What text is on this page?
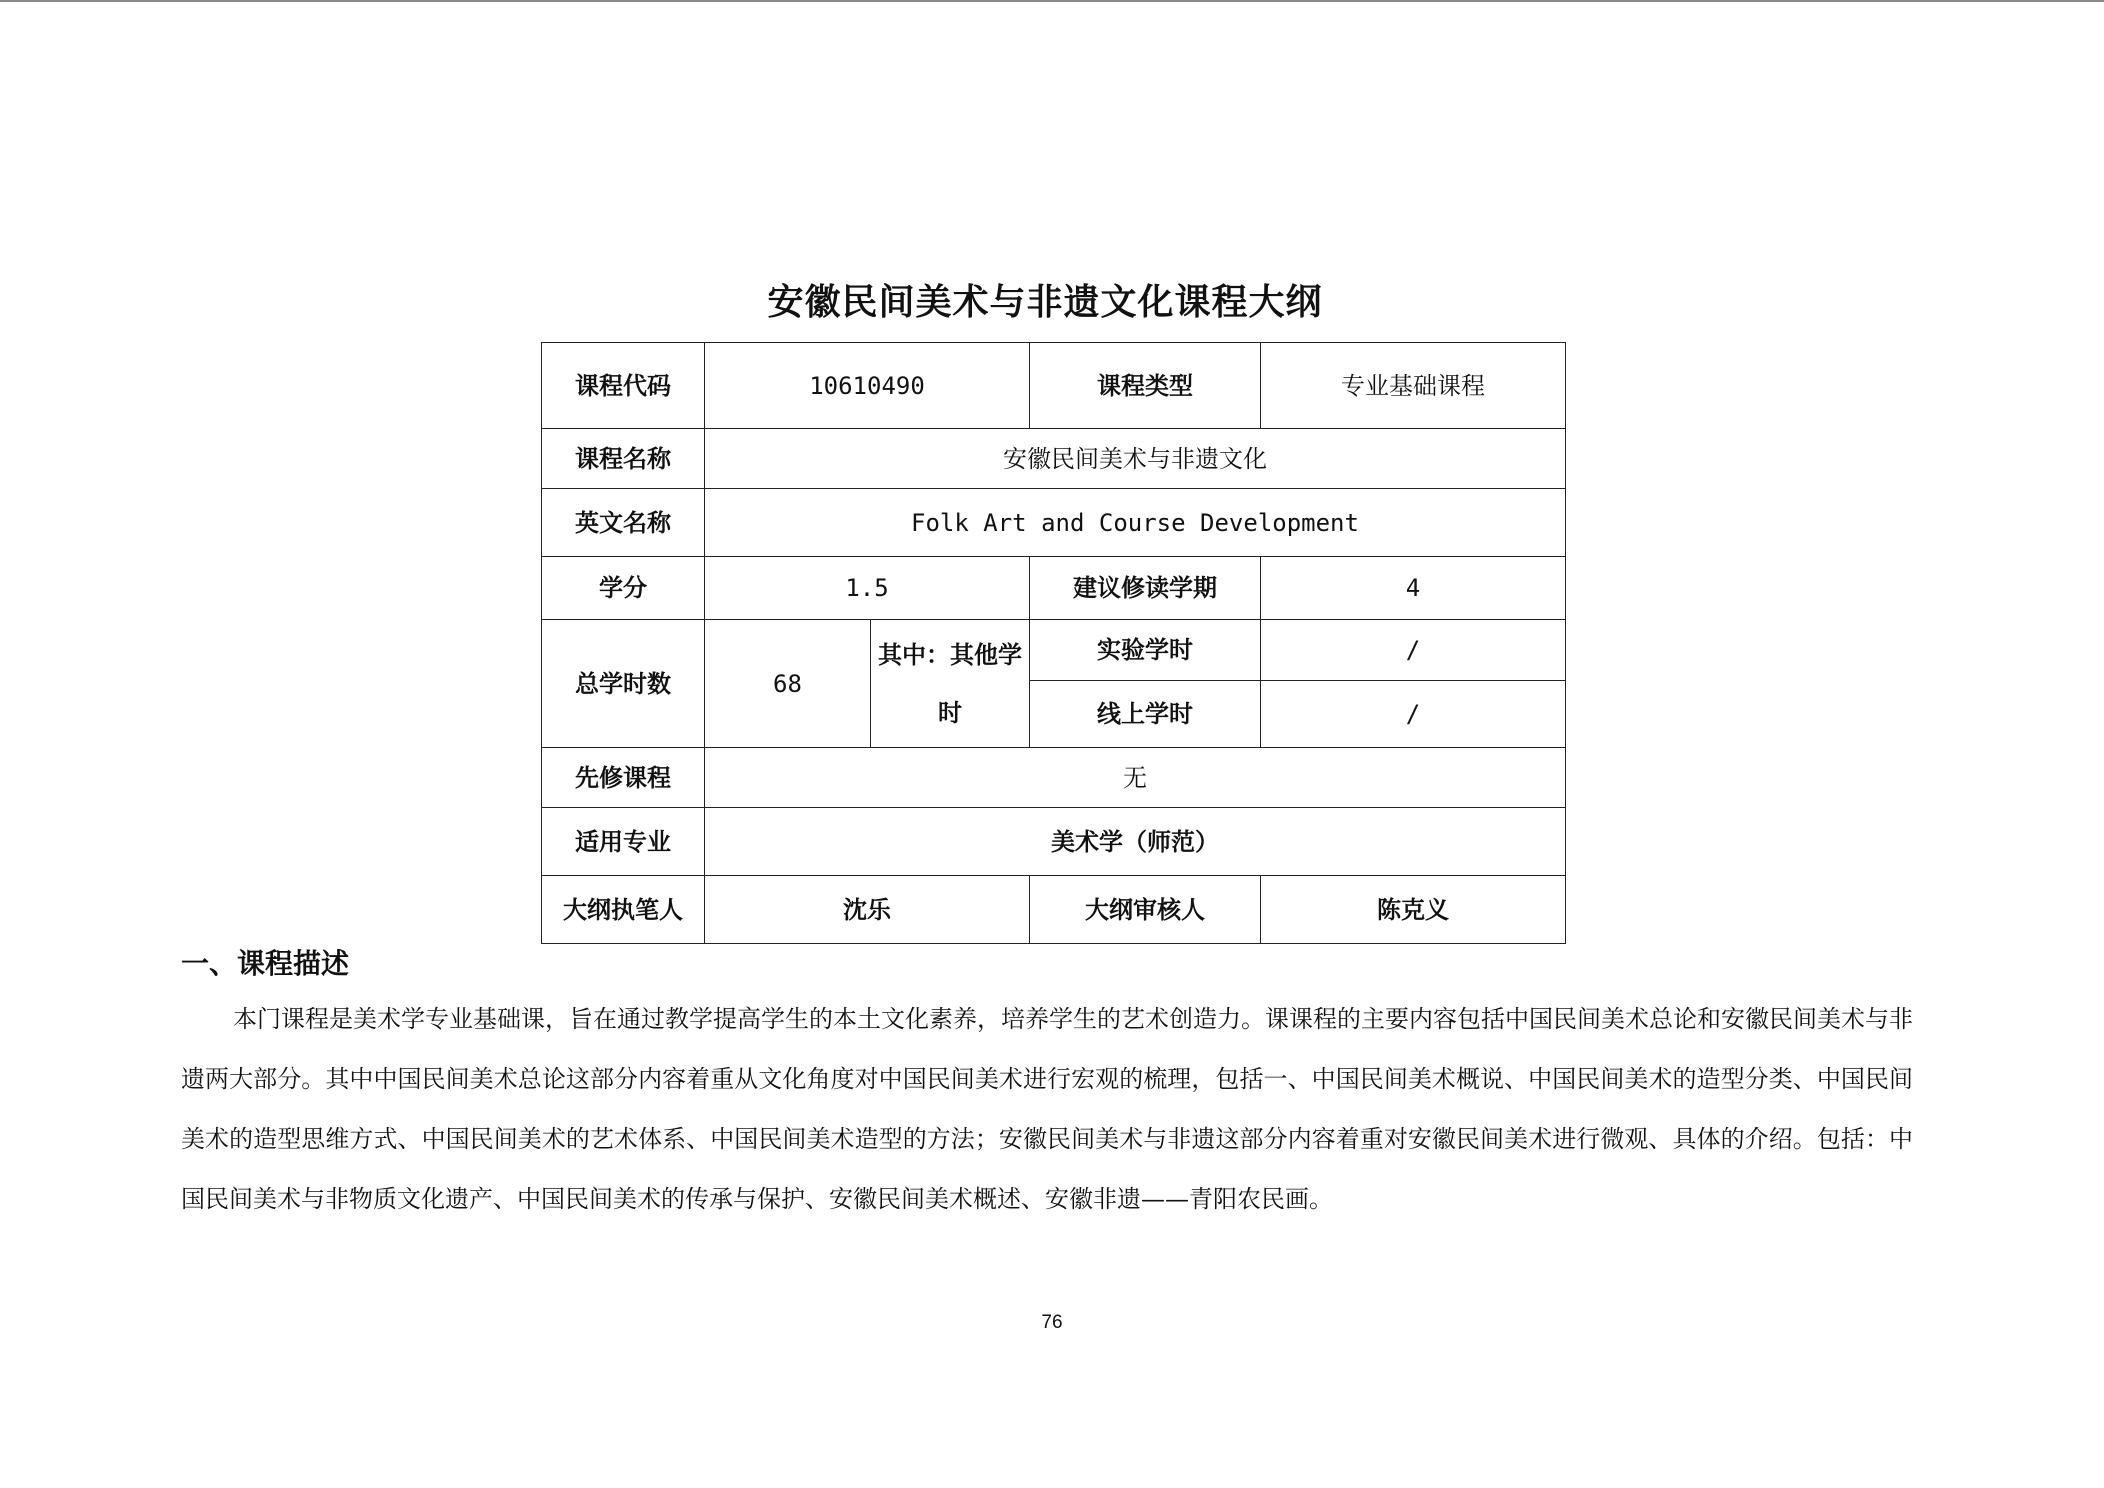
安徽民间美术与非遗文化课程大纲
课程代码	10610490		课程类型	专业基础课程
课程名称	安徽民间美术与非遗文化			
英文名称	Folk Art and Course Development			
学分	1.5		建议修读学期	4
总学时数	68	其中：其他学时	实验学时	/
			线上学时	/
先修课程	无			
适用专业	美术学（师范）			
大纲执笔人	沈乐		大纲审核人	陈克义
一、课程描述

本门课程是美术学专业基础课，旨在通过教学提高学生的本土文化素养，培养学生的艺术创造力。课课程的主要内容包括中国民间美术总论和安徽民间美术与非遗两大部分。其中中国民间美术总论这部分内容着重从文化角度对中国民间美术进行宏观的梳理，包括一、中国民间美术概说、中国民间美术的造型分类、中国民间美术的造型思维方式、中国民间美术的艺术体系、中国民间美术造型的方法；安徽民间美术与非遗这部分内容着重对安徽民间美术进行微观、具体的介绍。包括：中国民间美术与非物质文化遗产、中国民间美术的传承与保护、安徽民间美术概述、安徽非遗——青阳农民画。

76
